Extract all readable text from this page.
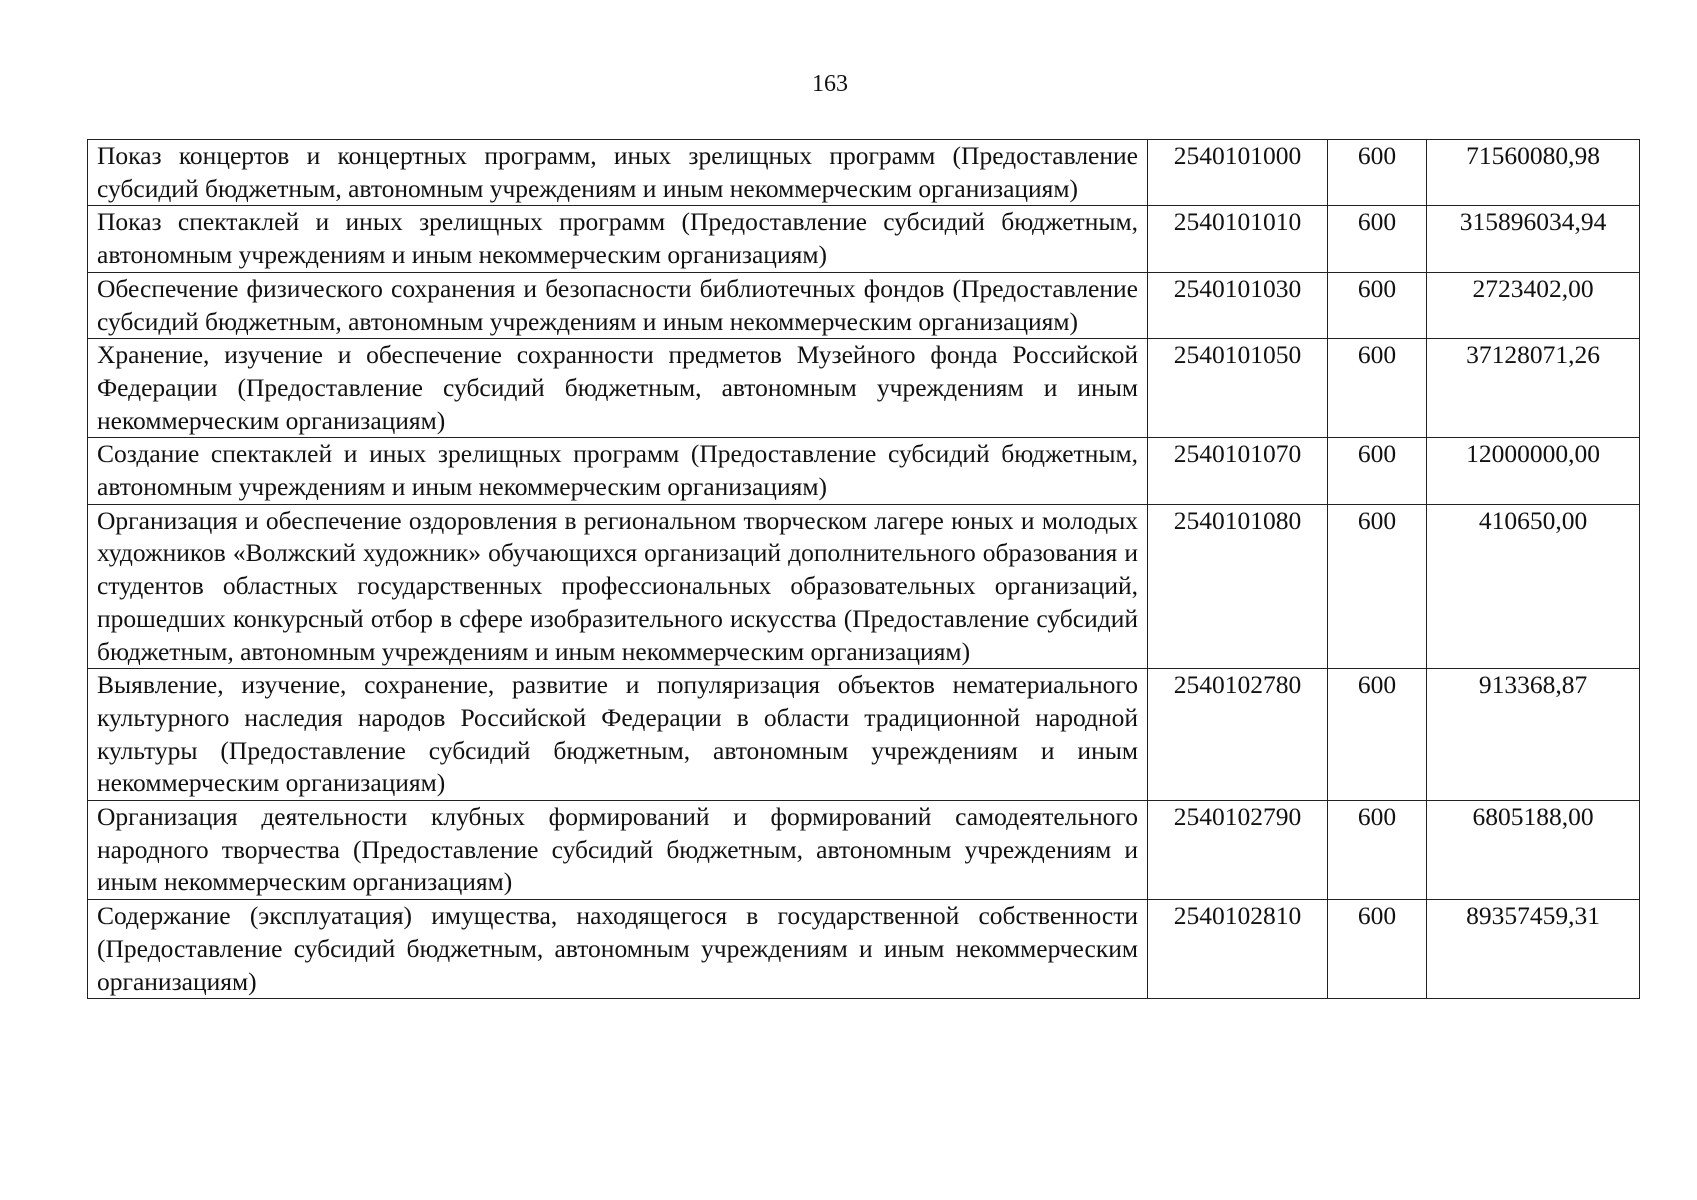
163
Показ концертов и концертных программ, иных зрелищных программ (Предоставление субсидий бюджетным, автономным учреждениям и иным некоммерческим организациям)	2540101000	600	71560080,98
Показ спектаклей и иных зрелищных программ (Предоставление субсидий бюджетным, автономным учреждениям и иным некоммерческим организациям)	2540101010	600	315896034,94
Обеспечение физического сохранения и безопасности библиотечных фондов (Предоставление субсидий бюджетным, автономным учреждениям и иным некоммерческим организациям)	2540101030	600	2723402,00
Хранение, изучение и обеспечение сохранности предметов Музейного фонда Российской Федерации (Предоставление субсидий бюджетным, автономным учреждениям и иным некоммерческим организациям)	2540101050	600	37128071,26
Создание спектаклей и иных зрелищных программ (Предоставление субсидий бюджетным, автономным учреждениям и иным некоммерческим организациям)	2540101070	600	12000000,00
Организация и обеспечение оздоровления в региональном творческом лагере юных и молодых художников «Волжский художник» обучающихся организаций дополнительного образования и студентов областных государственных профессиональных образовательных организаций, прошедших конкурсный отбор в сфере изобразительного искусства (Предоставление субсидий бюджетным, автономным учреждениям и иным некоммерческим организациям)	2540101080	600	410650,00
Выявление, изучение, сохранение, развитие и популяризация объектов нематериального культурного наследия народов Российской Федерации в области традиционной народной культуры (Предоставление субсидий бюджетным, автономным учреждениям и иным некоммерческим организациям)	2540102780	600	913368,87
Организация деятельности клубных формирований и формирований самодеятельного народного творчества (Предоставление субсидий бюджетным, автономным учреждениям и иным некоммерческим организациям)	2540102790	600	6805188,00
Содержание (эксплуатация) имущества, находящегося в государственной собственности (Предоставление субсидий бюджетным, автономным учреждениям и иным некоммерческим организациям)	2540102810	600	89357459,31
